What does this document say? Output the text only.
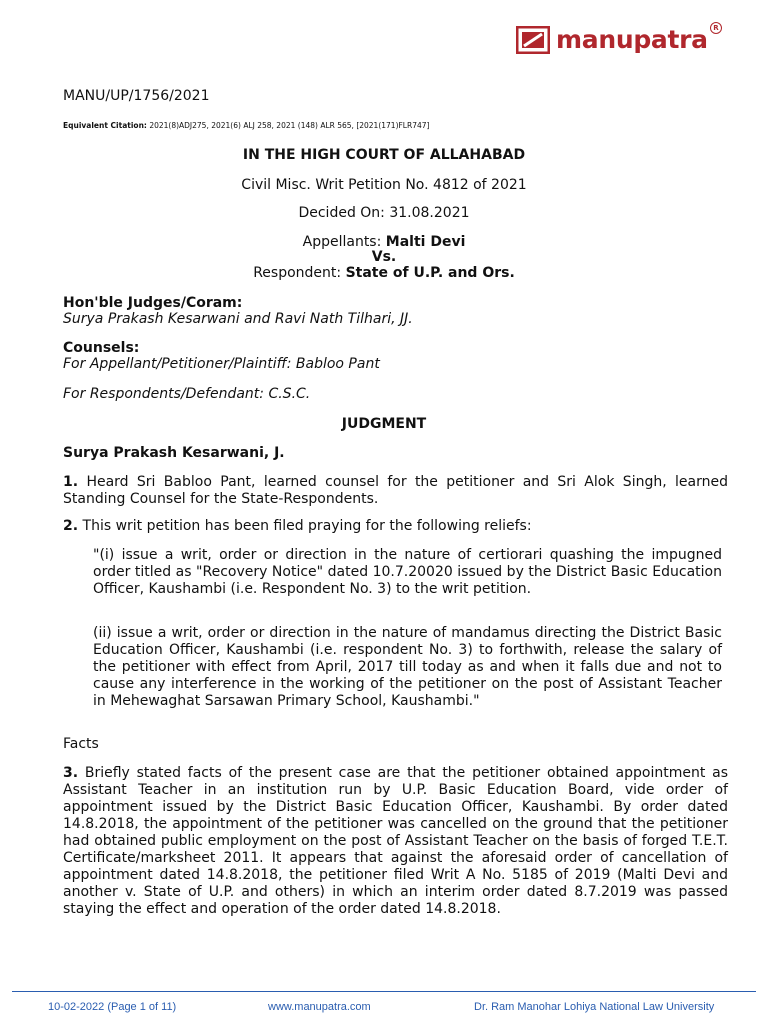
manupatra R
MANU/UP/1756/2021
Equivalent Citation: 2021(8)ADJ275, 2021(6) ALJ 258, 2021 (148) ALR 565, [2021(171)FLR747]
IN THE HIGH COURT OF ALLAHABAD
Civil Misc. Writ Petition No. 4812 of 2021
Decided On: 31.08.2021
Appellants: Malti Devi
Vs.
Respondent: State of U.P. and Ors.
Hon'ble Judges/Coram:
Surya Prakash Kesarwani and Ravi Nath Tilhari, JJ.
Counsels:
For Appellant/Petitioner/Plaintiff: Babloo Pant
For Respondents/Defendant: C.S.C.
JUDGMENT
Surya Prakash Kesarwani, J.
1. Heard Sri Babloo Pant, learned counsel for the petitioner and Sri Alok Singh, learned Standing Counsel for the State-Respondents.
2. This writ petition has been filed praying for the following reliefs:
"(i) issue a writ, order or direction in the nature of certiorari quashing the impugned order titled as "Recovery Notice" dated 10.7.20020 issued by the District Basic Education Officer, Kaushambi (i.e. Respondent No. 3) to the writ petition.
(ii) issue a writ, order or direction in the nature of mandamus directing the District Basic Education Officer, Kaushambi (i.e. respondent No. 3) to forthwith, release the salary of the petitioner with effect from April, 2017 till today as and when it falls due and not to cause any interference in the working of the petitioner on the post of Assistant Teacher in Mehewaghat Sarsawan Primary School, Kaushambi."
Facts
3. Briefly stated facts of the present case are that the petitioner obtained appointment as Assistant Teacher in an institution run by U.P. Basic Education Board, vide order of appointment issued by the District Basic Education Officer, Kaushambi. By order dated 14.8.2018, the appointment of the petitioner was cancelled on the ground that the petitioner had obtained public employment on the post of Assistant Teacher on the basis of forged T.E.T. Certificate/marksheet 2011. It appears that against the aforesaid order of cancellation of appointment dated 14.8.2018, the petitioner filed Writ A No. 5185 of 2019 (Malti Devi and another v. State of U.P. and others) in which an interim order dated 8.7.2019 was passed staying the effect and operation of the order dated 14.8.2018.
10-02-2022 (Page 1 of 11)	www.manupatra.com	Dr. Ram Manohar Lohiya National Law University
